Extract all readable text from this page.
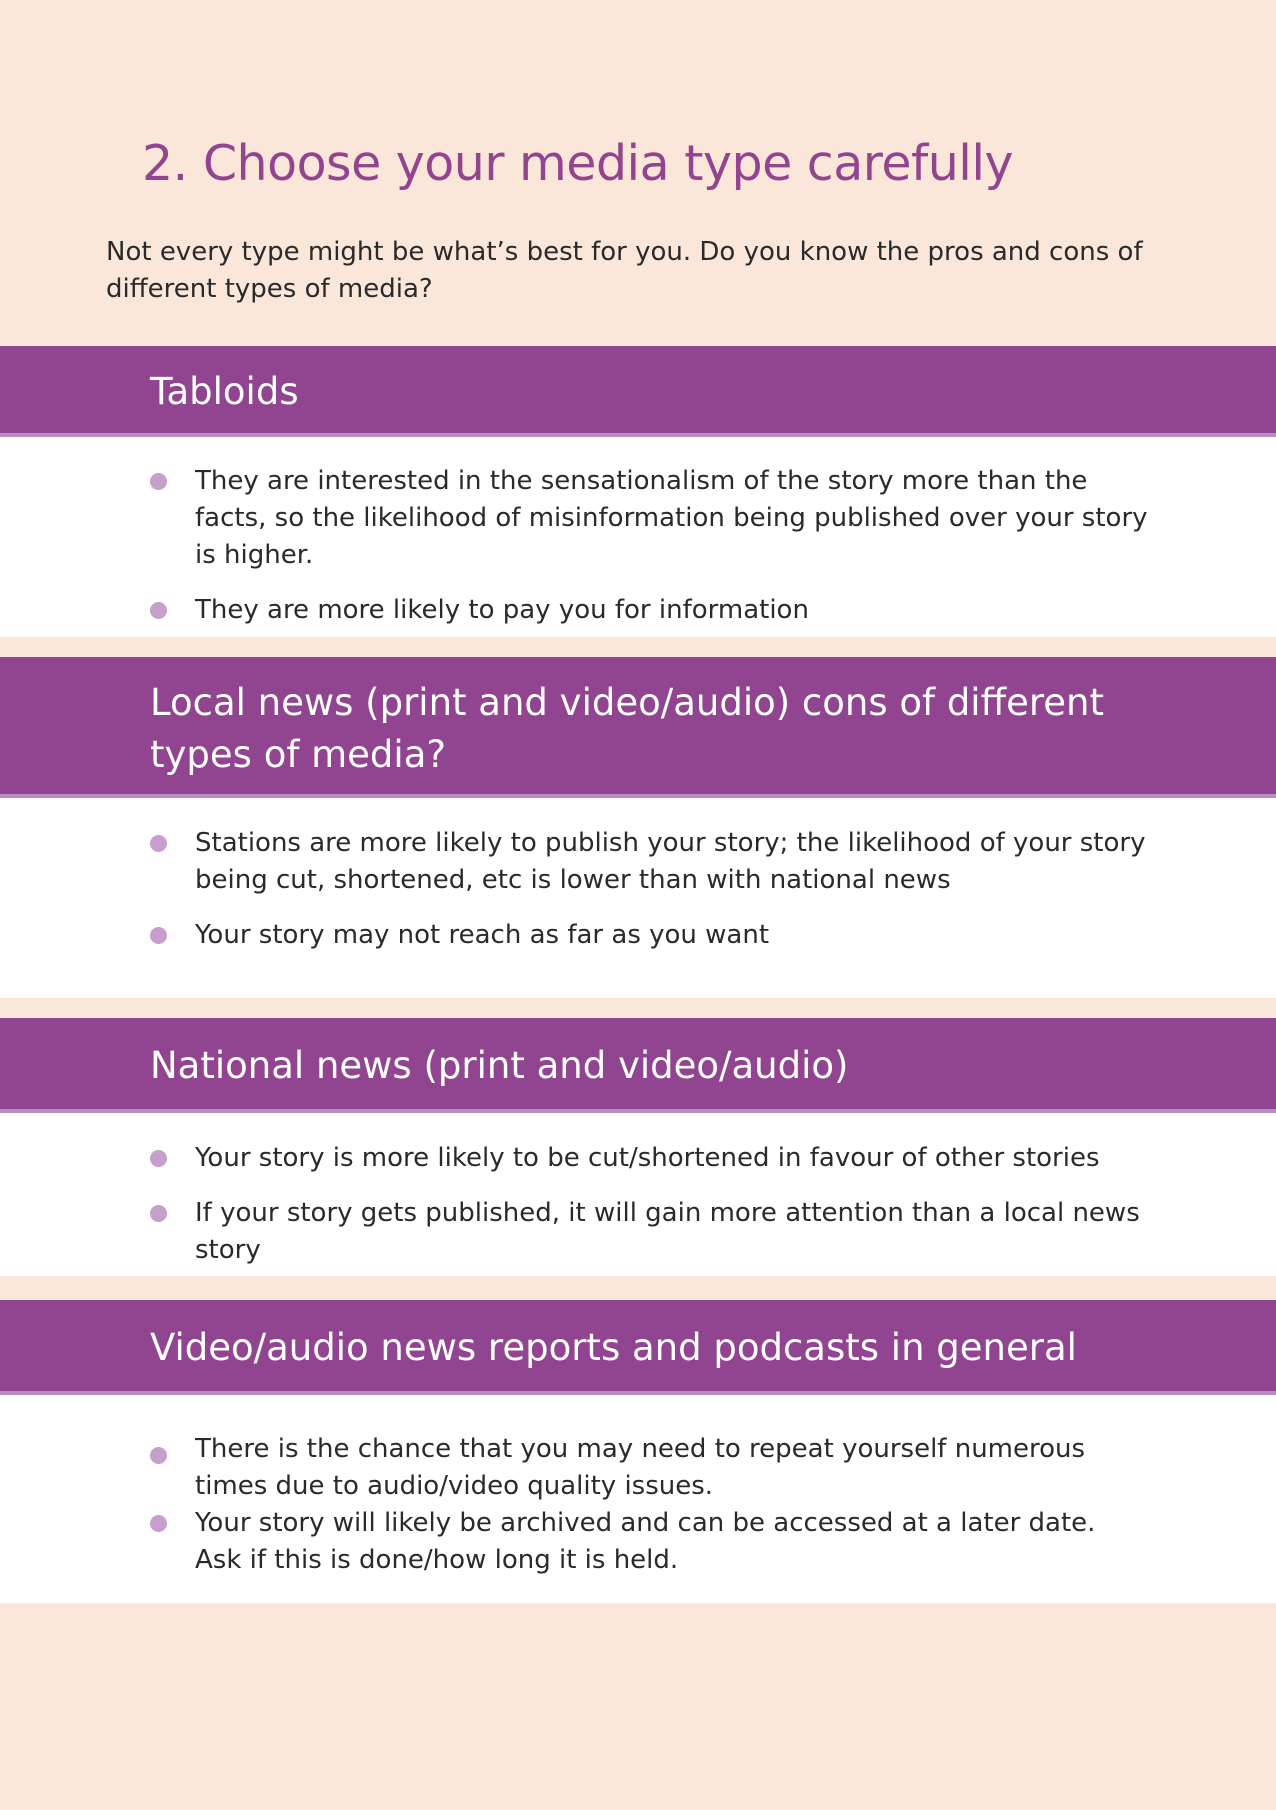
2. Choose your media type carefully

Not every type might be what’s best for you. Do you know the pros and cons of different types of media?

Tabloids
They are interested in the sensationalism of the story more than the facts, so the likelihood of misinformation being published over your story is higher.
They are more likely to pay you for information
Local news (print and video/audio) cons of different types of media?
Stations are more likely to publish your story; the likelihood of your story being cut, shortened, etc is lower than with national news
Your story may not reach as far as you want
National news (print and video/audio)
Your story is more likely to be cut/shortened in favour of other stories
If your story gets published, it will gain more attention than a local news story
Video/audio news reports and podcasts in general
There is the chance that you may need to repeat yourself numerous times due to audio/video quality issues.
Your story will likely be archived and can be accessed at a later date. Ask if this is done/how long it is held.
